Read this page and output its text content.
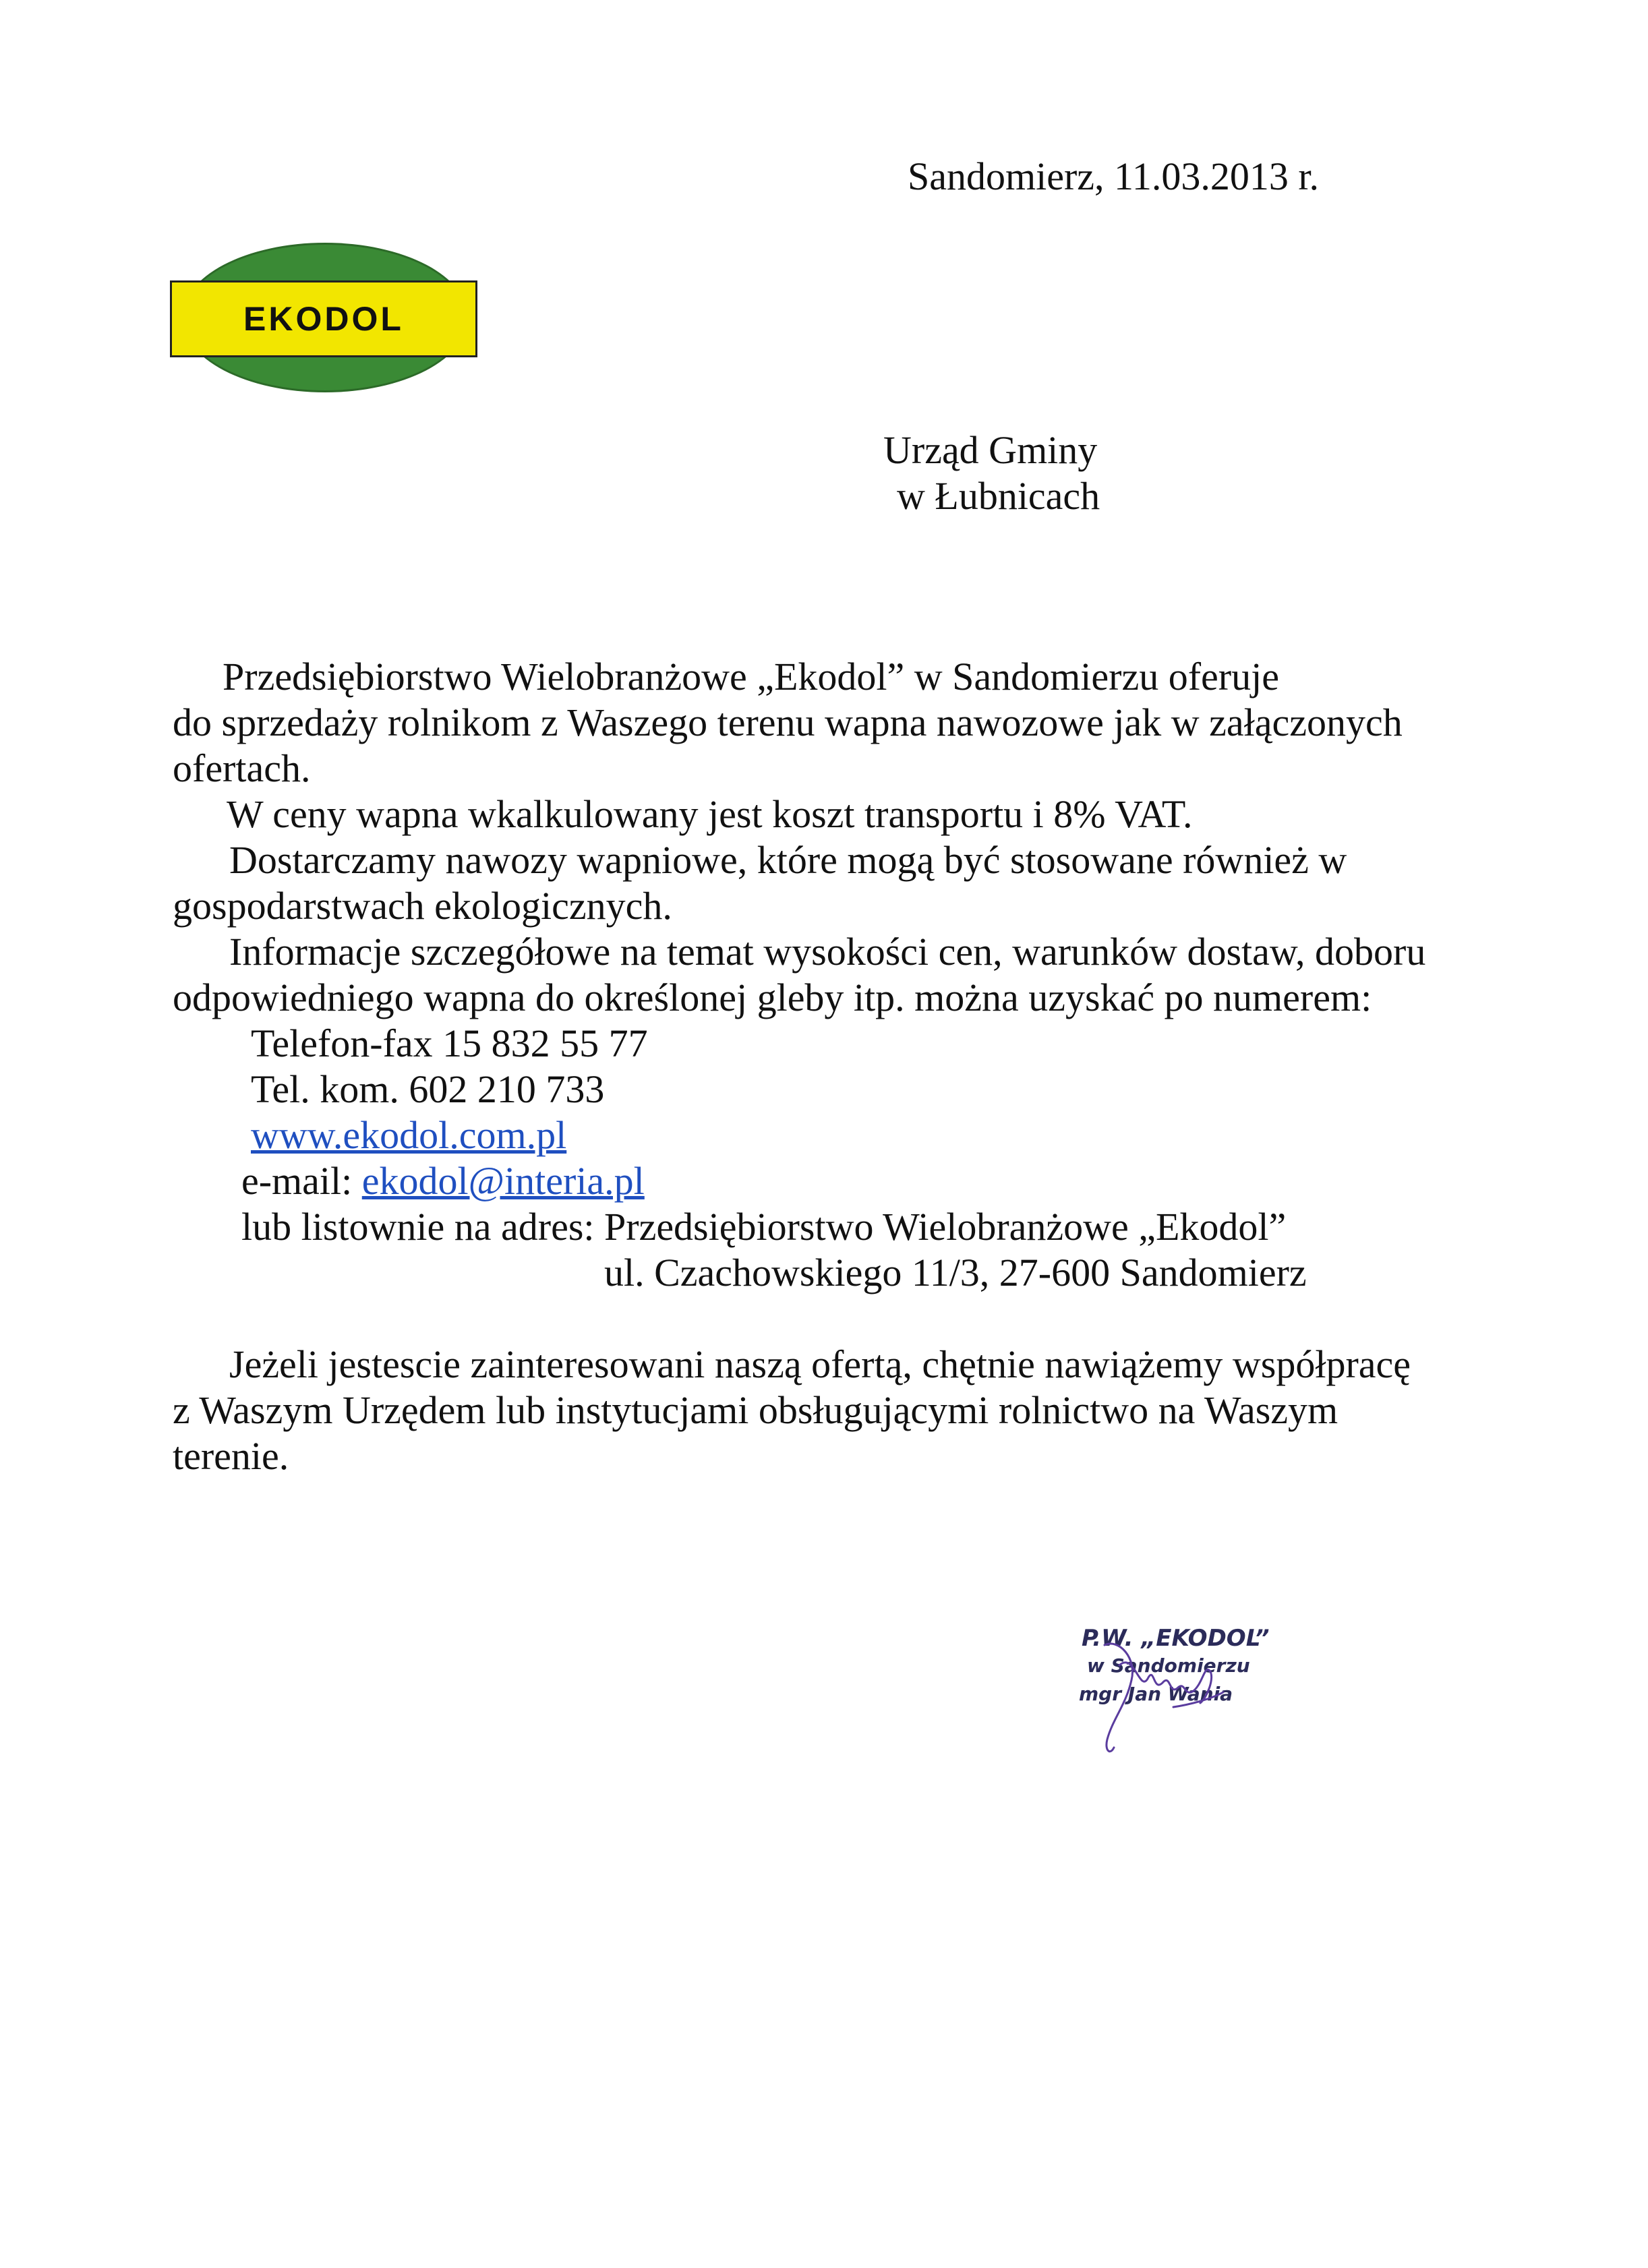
Sandomierz, 11.03.2013 r.
EKODOL
Urząd Gminy
w Łubnicach
Przedsiębiorstwo Wielobranżowe „Ekodol” w Sandomierzu oferuje
do sprzedaży rolnikom z Waszego terenu wapna nawozowe jak w załączonych
ofertach.
W ceny wapna wkalkulowany jest koszt transportu i 8% VAT.
Dostarczamy nawozy wapniowe, które mogą być stosowane również w
gospodarstwach ekologicznych.
Informacje szczegółowe na temat wysokości cen, warunków dostaw, doboru
odpowiedniego wapna do określonej gleby itp. można uzyskać po numerem:
Telefon-fax 15 832 55 77
Tel. kom. 602 210 733
www.ekodol.com.pl
e-mail: ekodol@interia.pl
lub listownie na adres: Przedsiębiorstwo Wielobranżowe „Ekodol”
ul. Czachowskiego 11/3, 27-600 Sandomierz
Jeżeli jestescie zainteresowani naszą ofertą, chętnie nawiążemy współpracę
z Waszym Urzędem lub instytucjami obsługującymi rolnictwo na Waszym
terenie.
P.W. „EKODOL”
w Sandomierzu
mgr Jan Wania
